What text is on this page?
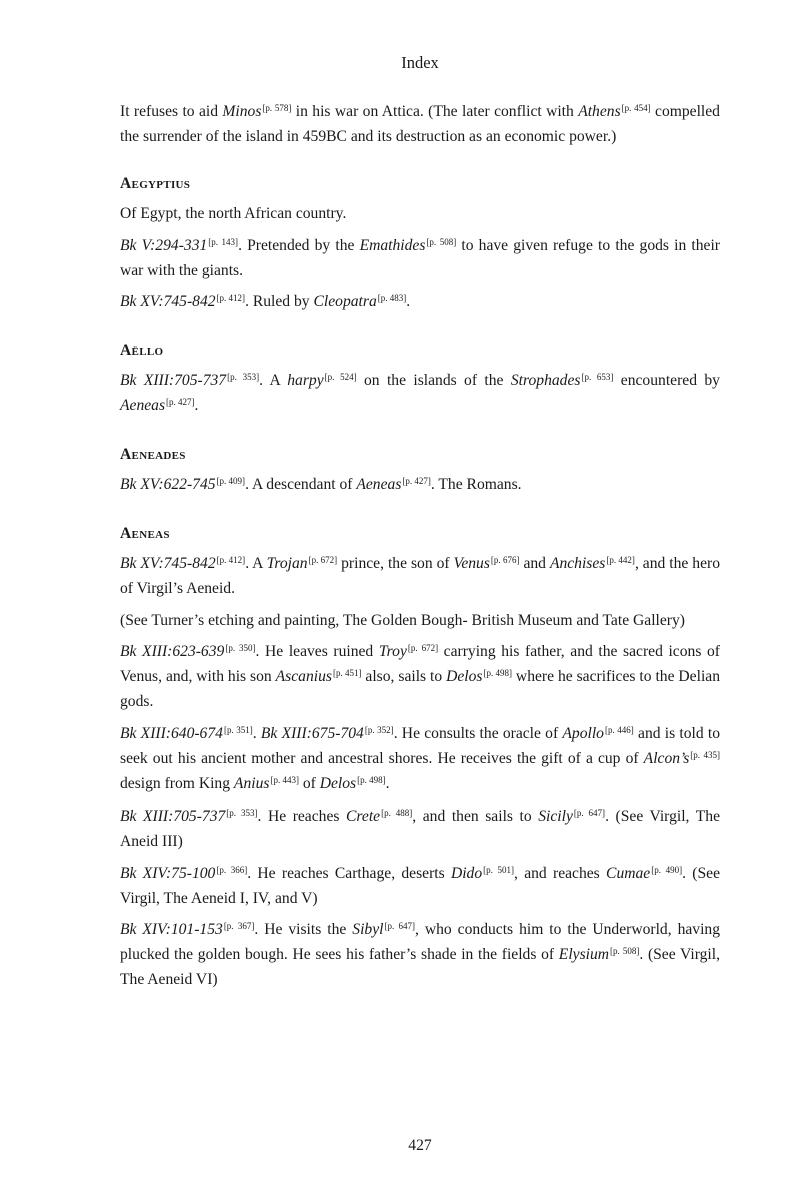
Index

It refuses to aid Minos[p. 578] in his war on Attica. (The later conflict with Athens[p. 454] compelled the surrender of the island in 459BC and its destruction as an economic power.)

Aegyptius

Of Egypt, the north African country.

Bk V:294-331[p. 143]. Pretended by the Emathides[p. 508] to have given refuge to the gods in their war with the giants.

Bk XV:745-842[p. 412]. Ruled by Cleopatra[p. 483].

Aëllo

Bk XIII:705-737[p. 353]. A harpy[p. 524] on the islands of the Strophades[p. 653] encountered by Aeneas[p. 427].

Aeneades

Bk XV:622-745[p. 409]. A descendant of Aeneas[p. 427]. The Romans.

Aeneas

Bk XV:745-842[p. 412]. A Trojan[p. 672] prince, the son of Venus[p. 676] and Anchises[p. 442], and the hero of Virgil’s Aeneid.

(See Turner’s etching and painting, The Golden Bough- British Museum and Tate Gallery)

Bk XIII:623-639[p. 350]. He leaves ruined Troy[p. 672] carrying his father, and the sacred icons of Venus, and, with his son Ascanius[p. 451] also, sails to Delos[p. 498] where he sacrifices to the Delian gods.

Bk XIII:640-674[p. 351]. Bk XIII:675-704[p. 352]. He consults the oracle of Apollo[p. 446] and is told to seek out his ancient mother and ancestral shores. He receives the gift of a cup of Alcon’s[p. 435] design from King Anius[p. 443] of Delos[p. 498].

Bk XIII:705-737[p. 353]. He reaches Crete[p. 488], and then sails to Sicily[p. 647]. (See Virgil, The Aneid III)

Bk XIV:75-100[p. 366]. He reaches Carthage, deserts Dido[p. 501], and reaches Cumae[p. 490]. (See Virgil, The Aeneid I, IV, and V)

Bk XIV:101-153[p. 367]. He visits the Sibyl[p. 647], who conducts him to the Underworld, having plucked the golden bough. He sees his father’s shade in the fields of Elysium[p. 508]. (See Virgil, The Aeneid VI)

427
